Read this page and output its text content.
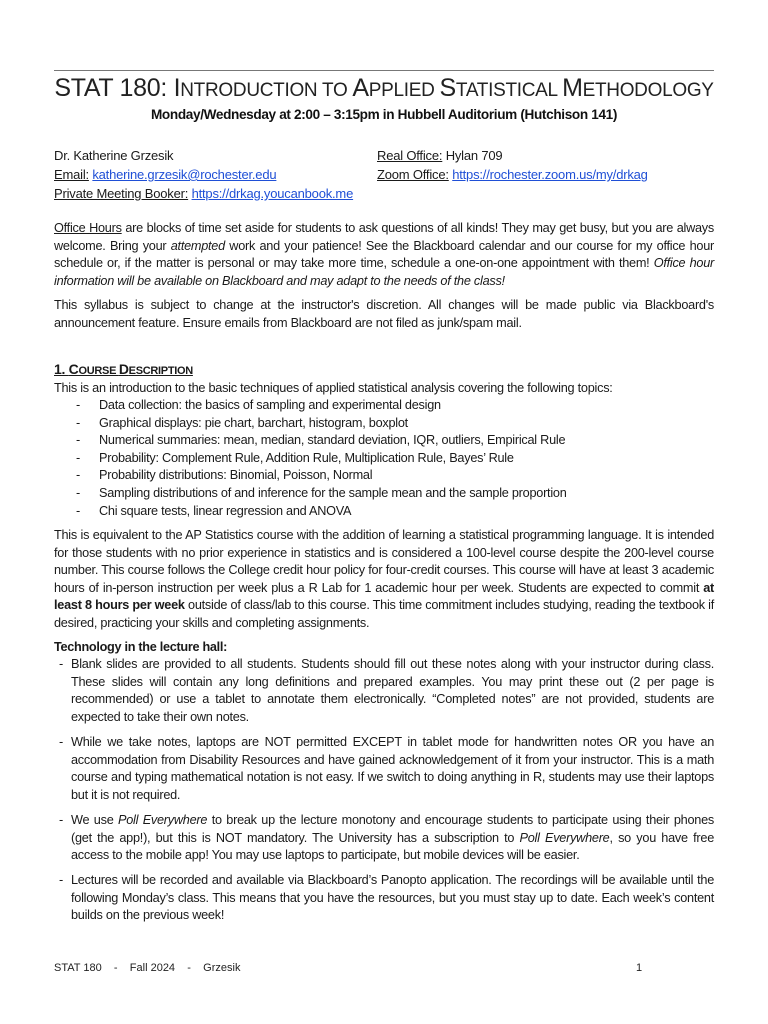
STAT 180: INTRODUCTION TO APPLIED STATISTICAL METHODOLOGY
Monday/Wednesday at 2:00 – 3:15pm in Hubbell Auditorium (Hutchison 141)
Dr. Katherine Grzesik	Real Office: Hylan 709
Email: katherine.grzesik@rochester.edu	Zoom Office: https://rochester.zoom.us/my/drkag
Private Meeting Booker: https://drkag.youcanbook.me
Office Hours are blocks of time set aside for students to ask questions of all kinds! They may get busy, but you are always welcome. Bring your attempted work and your patience! See the Blackboard calendar and our course for my office hour schedule or, if the matter is personal or may take more time, schedule a one-on-one appointment with them! Office hour information will be available on Blackboard and may adapt to the needs of the class!
This syllabus is subject to change at the instructor's discretion. All changes will be made public via Blackboard's announcement feature. Ensure emails from Blackboard are not filed as junk/spam mail.
1. COURSE DESCRIPTION
This is an introduction to the basic techniques of applied statistical analysis covering the following topics:
- Data collection: the basics of sampling and experimental design
- Graphical displays: pie chart, barchart, histogram, boxplot
- Numerical summaries: mean, median, standard deviation, IQR, outliers, Empirical Rule
- Probability: Complement Rule, Addition Rule, Multiplication Rule, Bayes’ Rule
- Probability distributions: Binomial, Poisson, Normal
- Sampling distributions of and inference for the sample mean and the sample proportion
- Chi square tests, linear regression and ANOVA
This is equivalent to the AP Statistics course with the addition of learning a statistical programming language. It is intended for those students with no prior experience in statistics and is considered a 100-level course despite the 200-level course number. This course follows the College credit hour policy for four-credit courses. This course will have at least 3 academic hours of in-person instruction per week plus a R Lab for 1 academic hour per week. Students are expected to commit at least 8 hours per week outside of class/lab to this course. This time commitment includes studying, reading the textbook if desired, practicing your skills and completing assignments.
Technology in the lecture hall:
- Blank slides are provided to all students. Students should fill out these notes along with your instructor during class. These slides will contain any long definitions and prepared examples. You may print these out (2 per page is recommended) or use a tablet to annotate them electronically. “Completed notes” are not provided, students are expected to take their own notes.
- While we take notes, laptops are NOT permitted EXCEPT in tablet mode for handwritten notes OR you have an accommodation from Disability Resources and have gained acknowledgement of it from your instructor. This is a math course and typing mathematical notation is not easy. If we switch to doing anything in R, students may use their laptops but it is not required.
- We use Poll Everywhere to break up the lecture monotony and encourage students to participate using their phones (get the app!), but this is NOT mandatory. The University has a subscription to Poll Everywhere, so you have free access to the mobile app! You may use laptops to participate, but mobile devices will be easier.
- Lectures will be recorded and available via Blackboard’s Panopto application. The recordings will be available until the following Monday’s class. This means that you have the resources, but you must stay up to date. Each week’s content builds on the previous week!
STAT 180    -    Fall 2024    -    Grzesik	1
